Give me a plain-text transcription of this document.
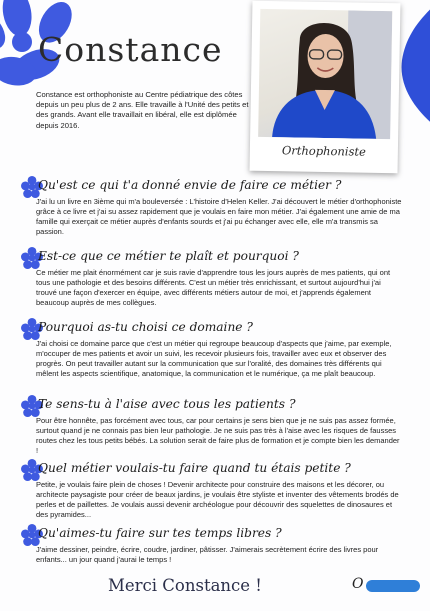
Constance
Constance est orthophoniste au Centre pédiatrique des côtes depuis un peu plus de 2 ans. Elle travaille à l'Unité des petits et des grands. Avant elle travaillait en libéral, elle est diplômée depuis 2016.
Orthophoniste
Qu'est ce qui t'a donné envie de faire ce métier ?
J'ai lu un livre en 3ième qui m'a bouleversée : L'histoire d'Helen Keller. J'ai découvert le métier d'orthophoniste grâce à ce livre et j'ai su assez rapidement que je voulais en faire mon métier. J'ai également une amie de ma famille qui exerçait ce métier auprès d'enfants sourds et j'ai pu échanger avec elle, elle m'a transmis sa passion.
Est-ce que ce métier te plaît et pourquoi ?
Ce métier me plait énormément car je suis ravie d'apprendre tous les jours auprès de mes patients, qui ont tous une pathologie et des besoins différents. C'est un métier très enrichissant, et surtout aujourd'hui j'ai trouvé une façon d'exercer en équipe, avec différents métiers autour de moi, et j'apprends également beaucoup auprès de mes collègues.
Pourquoi as-tu choisi ce domaine ?
J'ai choisi ce domaine parce que c'est un métier qui regroupe beaucoup d'aspects que j'aime, par exemple, m'occuper de mes patients et avoir un suivi, les recevoir plusieurs fois, travailler avec eux et observer des progrès. On peut travailler autant sur la communication que sur l'oralité, des domaines très différents qui mêlent les aspects scientifique, anatomique, la communication et le numérique, ça me plaît beaucoup.
Te sens-tu à l'aise avec tous les patients ?
Pour être honnête, pas forcément avec tous, car pour certains je sens bien que je ne suis pas assez formée, surtout quand je ne connais pas bien leur pathologie. Je ne suis pas très à l'aise avec les risques de fausses routes chez les tous petits bébés. La solution serait de faire plus de formation et je compte bien les demander !
Quel métier voulais-tu faire quand tu étais petite ?
Petite, je voulais faire plein de choses ! Devenir architecte pour construire des maisons et les décorer, ou architecte paysagiste pour créer de beaux jardins, je voulais être styliste et inventer des vêtements brodés de perles et de paillettes. Je voulais aussi devenir archéologue pour découvrir des squelettes de dinosaures et des pyramides...
Qu'aimes-tu faire sur tes temps libres ?
J'aime dessiner, peindre, écrire, coudre, jardiner, pâtisser. J'aimerais secrètement écrire des livres pour enfants... un jour quand j'aurai le temps !
Merci Constance !	O
